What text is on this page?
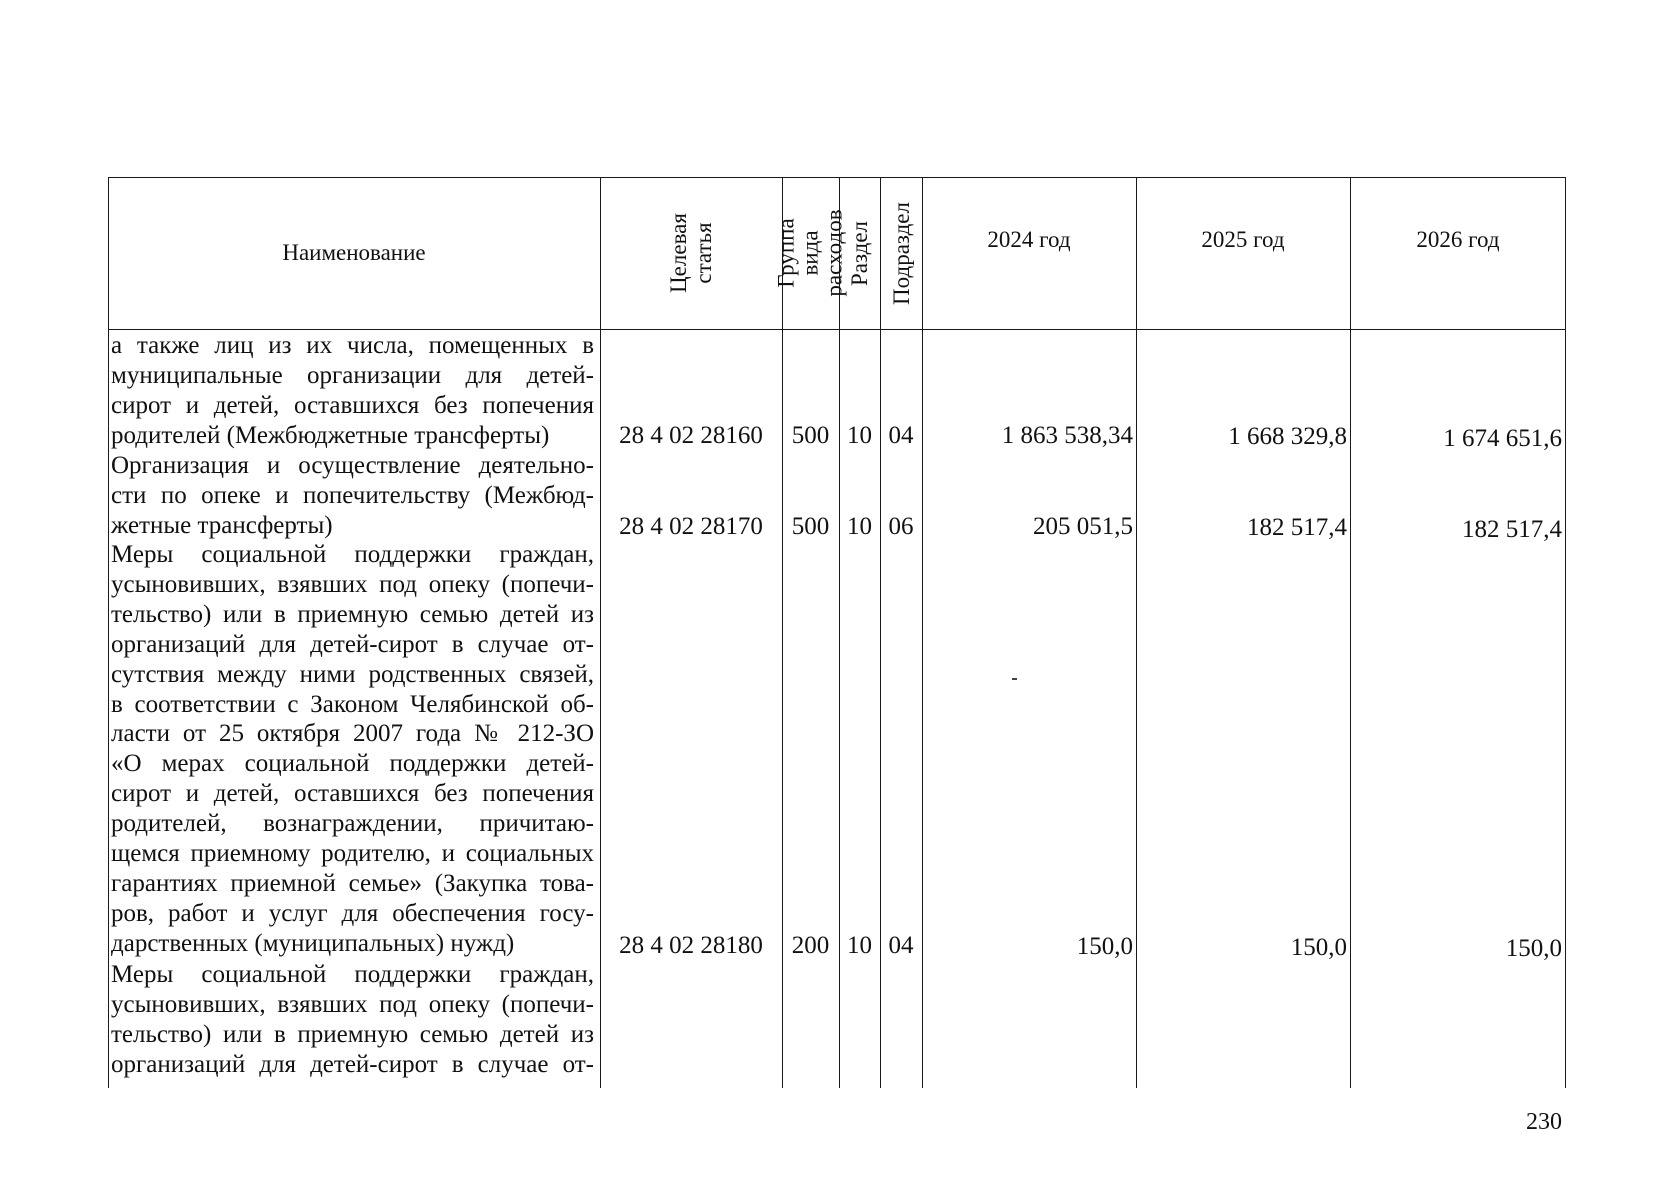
Наименование	Целевая статья	Группа вида расходов Раздел Подраздел	2024 год	2025 год	2026 год
а также лиц из их числа, помещенных в
муниципальные организации для детей-
сирот и детей, оставшихся без попечения
родителей (Межбюджетные трансферты)	28 4 02 28160	500 10 04	1 863 538,34	1 668 329,8	1 674 651,6
Организация и осуществление деятельно-
сти по опеке и попечительству (Межбюд-
жетные трансферты)	28 4 02 28170	500 10 06	205 051,5	182 517,4	182 517,4
Меры социальной поддержки граждан,
усыновивших, взявших под опеку (попечи-
тельство) или в приемную семью детей из
организаций для детей-сирот в случае от-
сутствия между ними родственных связей,
в соответствии с Законом Челябинской об-
ласти от 25 октября 2007 года № 212-ЗО
«О мерах социальной поддержки детей-
сирот и детей, оставшихся без попечения
родителей, вознаграждении, причитаю-
щемся приемному родителю, и социальных
гарантиях приемной семье» (Закупка това-
ров, работ и услуг для обеспечения госу-
дарственных (муниципальных) нужд)	28 4 02 28180	200 10 04	150,0	150,0	150,0
Меры социальной поддержки граждан,
усыновивших, взявших под опеку (попечи-
тельство) или в приемную семью детей из
организаций для детей-сирот в случае от-
230
